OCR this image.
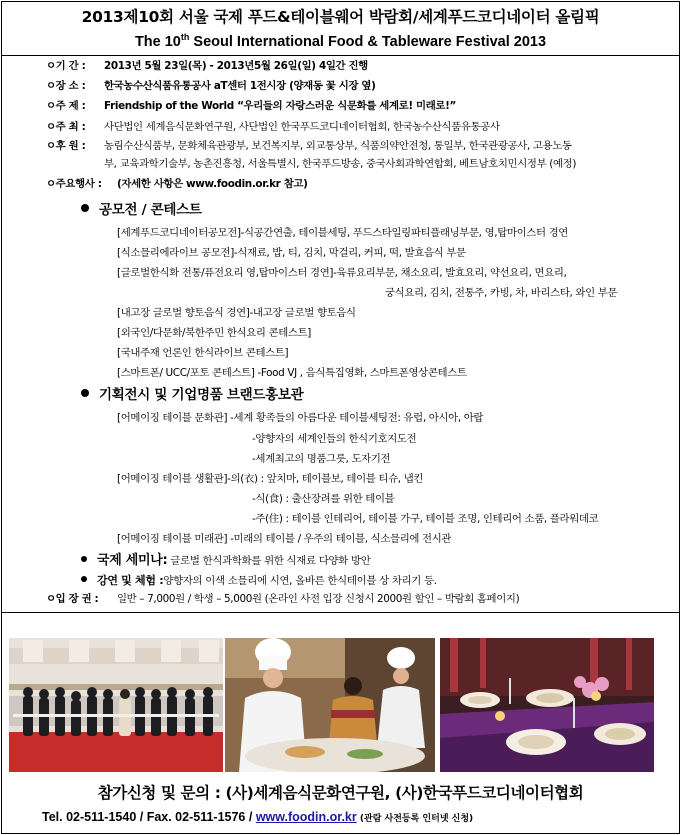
2013제10회 서울 국제 푸드&테이블웨어 박람회/세계푸드코디네이터 올림픽
The 10th Seoul International Food & Tableware Festival 2013
ㅇ기 간 : 2013년 5월 23일(목) - 2013년5월 26일(일) 4일간 진행
ㅇ장 소 : 한국농수산식품유통공사 aT센터 1전시장 (양재동 꽃 시장 옆)
ㅇ주 제 : Friendship of the World “우리들의 자랑스러운 식문화를 세계로! 미래로!”
ㅇ주 최 : 사단법인 세계음식문화연구원, 사단법인 한국푸드코디네이터협회, 한국농수산식품유통공사
ㅇ후 원 : 농림수산식품부, 문화체육관광부, 보건복지부, 외교통상부, 식품의약안전청, 통일부, 한국관광공사, 고용노동
부, 교육과학기술부, 농촌진흥청, 서울특별시, 한국푸드방송, 중국사회과학연합회, 베트남호치민시정부 (예정)
ㅇ주요행사 : (자세한 사항은 www.foodin.or.kr 참고)
공모전 / 콘테스트
[세계푸드코디네이터공모전]-식공간연출, 테이블세팅, 푸드스타일링파티플래닝부문, 영,탑마이스터 경연
[식소믈리에라이브 공모전]-식재료, 밥, 티, 김치, 막걸리, 커피, 떡, 발효음식 부문
[글로벌한식화 전통/퓨전요리 영,탑마이스터 경연]-육류요리부문, 채소요리, 발효요리, 약선요리, 면요리,
궁식요리, 김치, 전통주, 카빙, 차, 바리스타, 와인 부문
[내고장 글로벌 향토음식 경연]-내고장 글로벌 향토음식
[외국인/다문화/북한주민 한식요리 콘테스트]
[국내주재 언론인 한식라이브 콘테스트]
[스마트폰/ UCC/포토 콘테스트] -Food VJ , 음식특집영화, 스마트폰영상콘테스트
기획전시 및 기업명품 브랜드홍보관
[어메이징 테이블 문화관] -세계 황족들의 아름다운 테이블세팅전: 유럽, 아시아, 아랍
-양향자의 세계인들의 한식기호지도전
-세계최고의 명품그릇, 도자기전
[어메이징 테이블 생활관]-의(衣) : 앞치마, 테이블보, 테이블 티슈, 냅킨
-식(食) : 출산장려를 위한 테이블
-주(住) : 테이블 인테리어, 테이블 가구, 테이블 조명, 인테리어 소품, 플라워데코
[어메이징 테이블 미래관] -미래의 테이블 / 우주의 테이블, 식소믈리에 전시관
국제 세미나: 글로벌 한식과학화를 위한 식재료 다양화 방안
강연 및 체험 :양향자의 이색 소믈리에 시연, 올바른 한식테이블 상 차리기 등.
ㅇ입 장 권 : 일반 – 7,000원 / 학생 – 5,000원 (온라인 사전 입장 신청시 2000원 할인 – 박람회 홈페이지)
참가신청 및 문의 : (사)세계음식문화연구원, (사)한국푸드코디네이터협회
Tel. 02-511-1540 / Fax. 02-511-1576 / www.foodin.or.kr (관람 사전등록 인터넷 신청)
